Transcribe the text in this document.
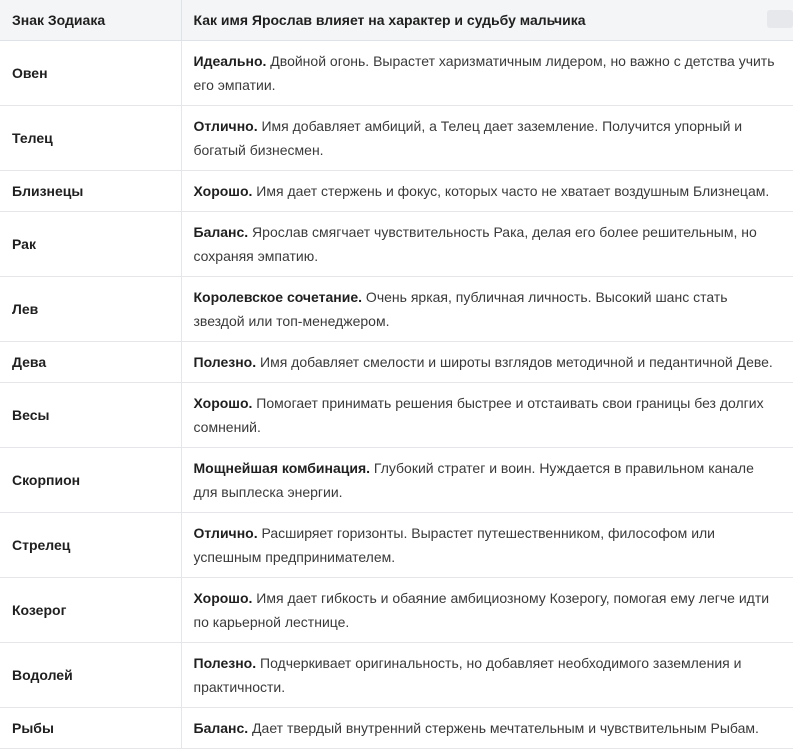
Знак Зодиака	Как имя Ярослав влияет на характер и судьбу мальчика
Овен	Идеально. Двойной огонь. Вырастет харизматичным лидером, но важно с детства учить его эмпатии.
Телец	Отлично. Имя добавляет амбиций, а Телец дает заземление. Получится упорный и богатый бизнесмен.
Близнецы	Хорошо. Имя дает стержень и фокус, которых часто не хватает воздушным Близнецам.
Рак	Баланс. Ярослав смягчает чувствительность Рака, делая его более решительным, но сохраняя эмпатию.
Лев	Королевское сочетание. Очень яркая, публичная личность. Высокий шанс стать звездой или топ-менеджером.
Дева	Полезно. Имя добавляет смелости и широты взглядов методичной и педантичной Деве.
Весы	Хорошо. Помогает принимать решения быстрее и отстаивать свои границы без долгих сомнений.
Скорпион	Мощнейшая комбинация. Глубокий стратег и воин. Нуждается в правильном канале для выплеска энергии.
Стрелец	Отлично. Расширяет горизонты. Вырастет путешественником, философом или успешным предпринимателем.
Козерог	Хорошо. Имя дает гибкость и обаяние амбициозному Козерогу, помогая ему легче идти по карьерной лестнице.
Водолей	Полезно. Подчеркивает оригинальность, но добавляет необходимого заземления и практичности.
Рыбы	Баланс. Дает твердый внутренний стержень мечтательным и чувствительным Рыбам.
